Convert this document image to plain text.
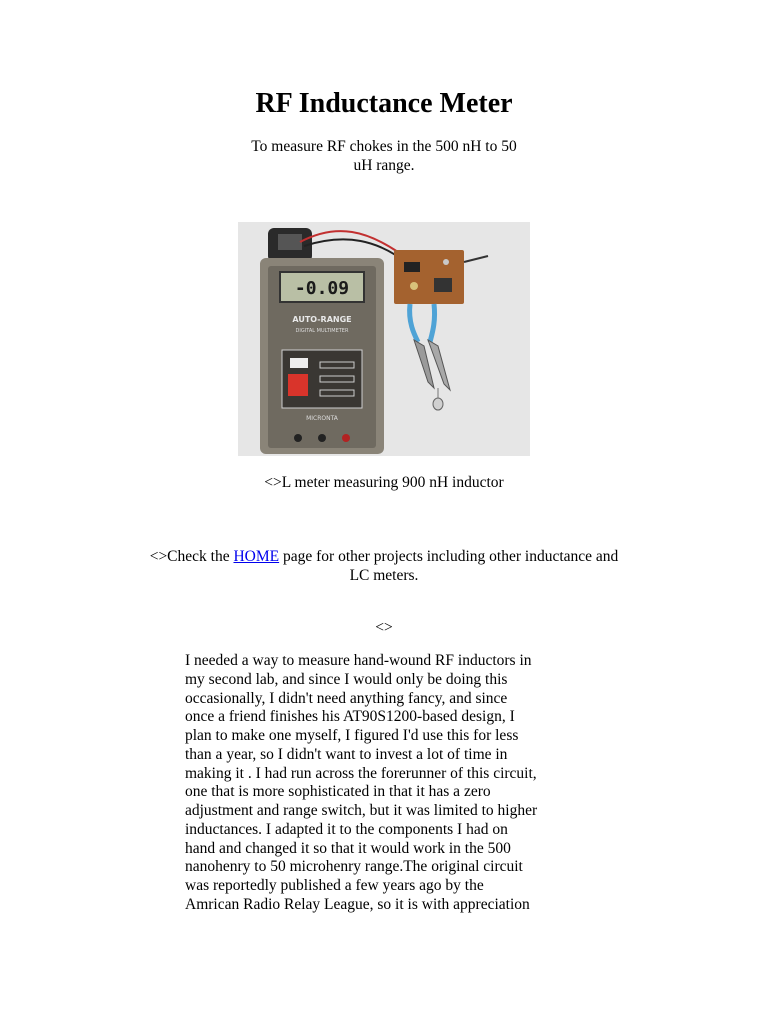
RF Inductance Meter
To measure RF chokes in the 500 nH to 50
uH range.
-0.09
AUTO-RANGE
DIGITAL MULTIMETER
MICRONTA
<>L meter measuring 900 nH inductor
<>Check the HOME page for other projects including other inductance and
LC meters.
<>
I needed a way to measure hand-wound RF inductors in
my second lab, and since I would only be doing this
occasionally, I didn't need anything fancy, and since
once a friend finishes his AT90S1200-based design, I
plan to make one myself, I figured I'd use this for less
than a year, so I didn't want to invest a lot of time in
making it . I had run across the forerunner of this circuit,
one that is more sophisticated in that it has a zero
adjustment and range switch, but it was limited to higher
inductances. I adapted it to the components I had on
hand and changed it so that it would work in the 500
nanohenry to 50 microhenry range.The original circuit
was reportedly published a few years ago by the
Amrican Radio Relay League, so it is with appreciation
